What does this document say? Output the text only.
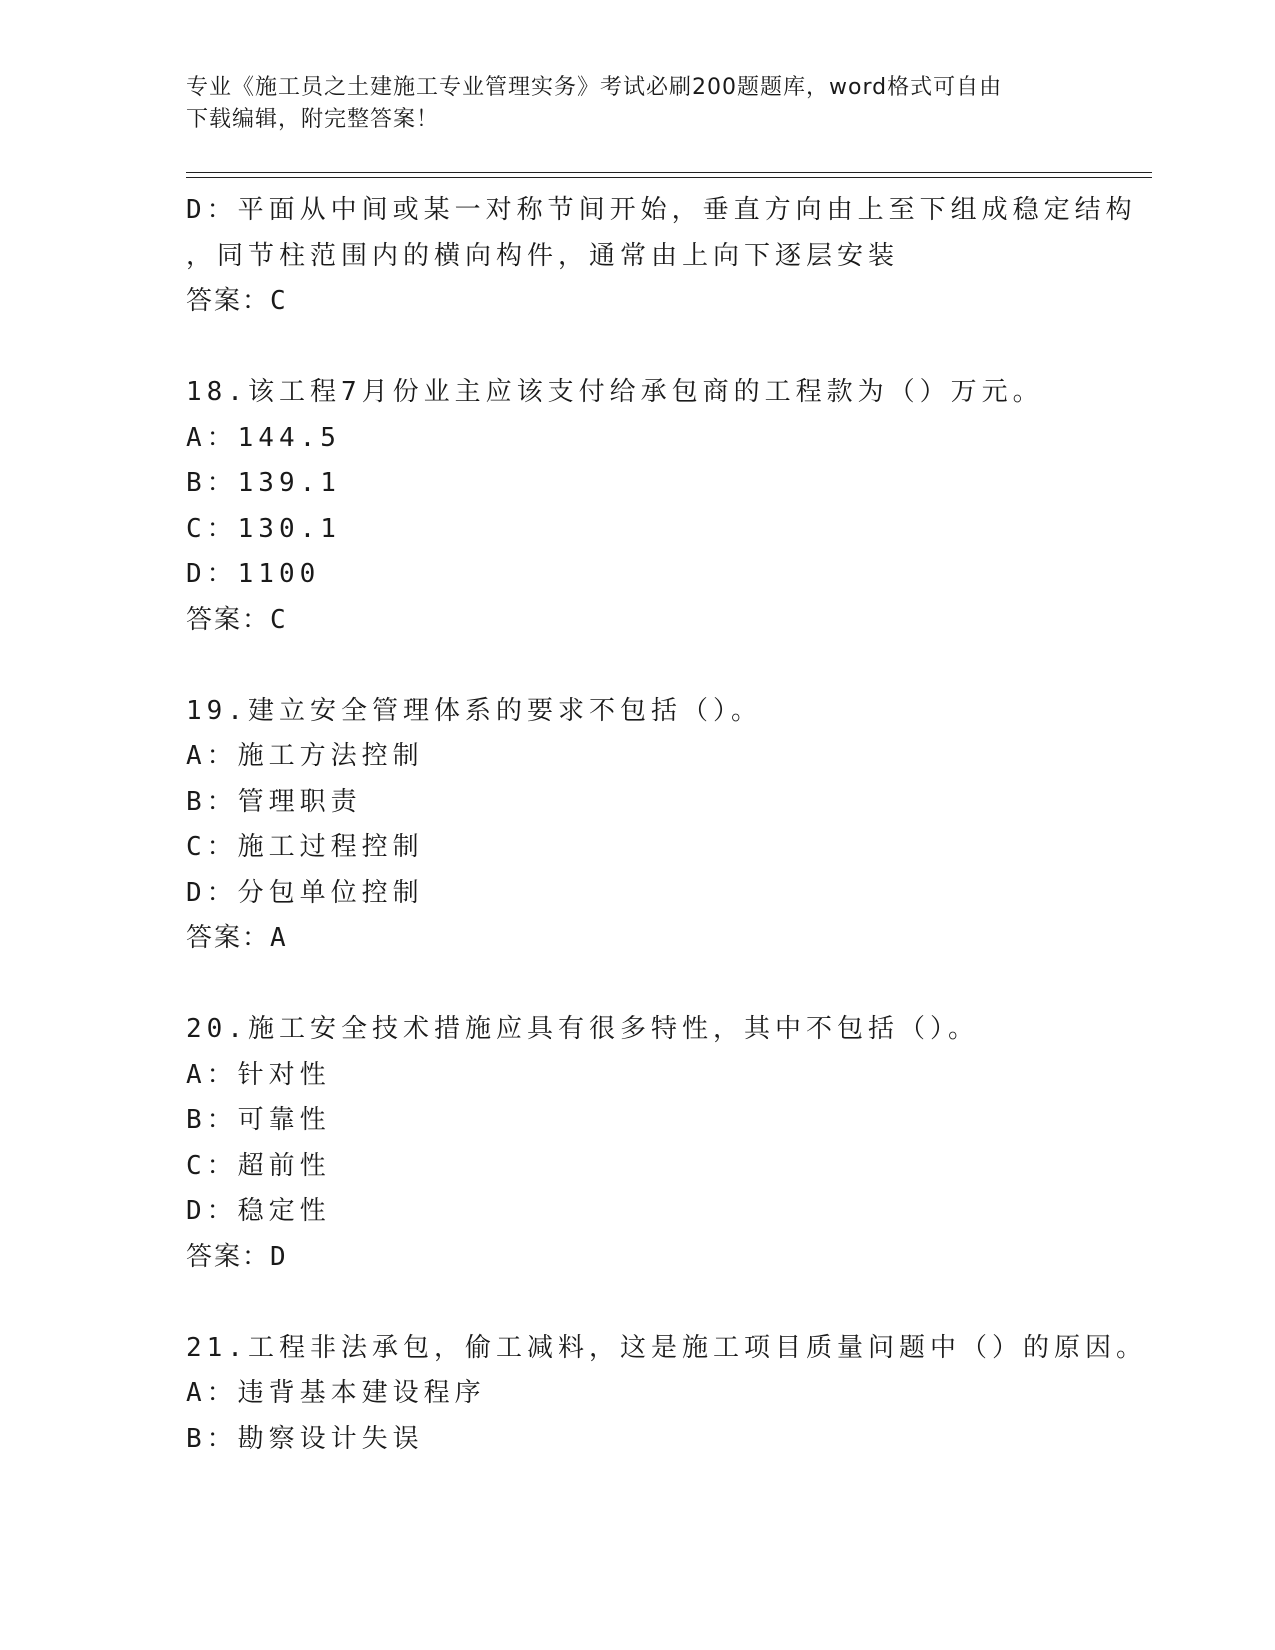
专业《施工员之土建施工专业管理实务》考试必刷200题题库，word格式可自由
下载编辑，附完整答案！
D：平面从中间或某一对称节间开始，垂直方向由上至下组成稳定结构
，同节柱范围内的横向构件，通常由上向下逐层安装
答案：C
18.该工程7月份业主应该支付给承包商的工程款为（）万元。
A：144.5
B：139.1
C：130.1
D：1100
答案：C
19.建立安全管理体系的要求不包括（）。
A：施工方法控制
B：管理职责
C：施工过程控制
D：分包单位控制
答案：A
20.施工安全技术措施应具有很多特性，其中不包括（）。
A：针对性
B：可靠性
C：超前性
D：稳定性
答案：D
21.工程非法承包，偷工减料，这是施工项目质量问题中（）的原因。
A：违背基本建设程序
B：勘察设计失误
